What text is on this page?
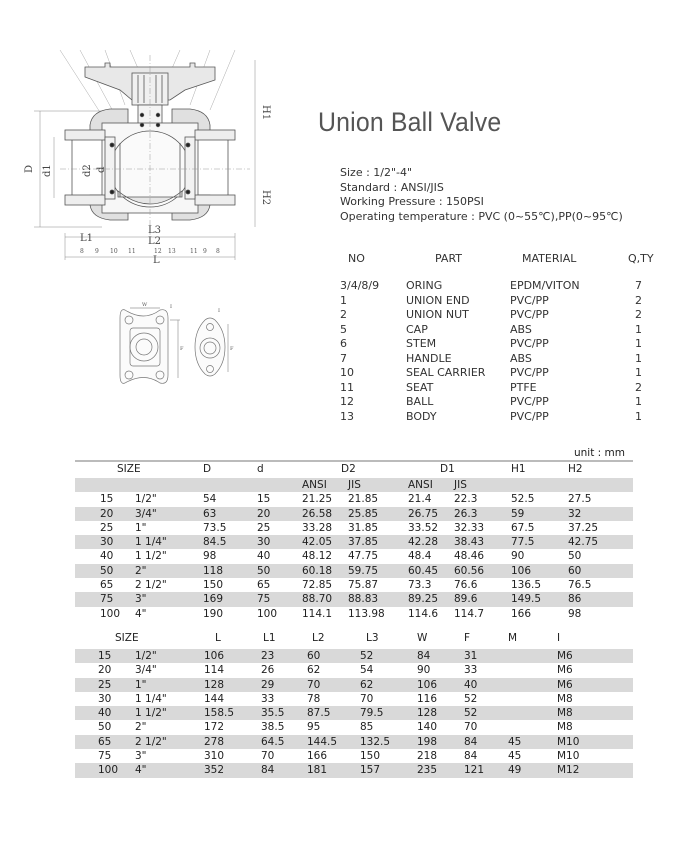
D d1	d2 d
H1
H2
L1
L3
L2
L
8 9 10 11	12 13 11 9 8
W	I
F
I
F
Union Ball Valve
Size : 1/2"-4"
Standard : ANSI/JIS
Working Pressure : 150PSI
Operating temperature : PVC (0~55℃),PP(0~95℃)
NO	PART	MATERIAL	Q,TY
3/4/8/9 ORING	EPDM/VITON	7
1	UNION END	PVC/PP	2
2	UNION NUT	PVC/PP	2
5	CAP	ABS	1
6	STEM	PVC/PP	1
7	HANDLE	ABS	1
10	SEAL CARRIER PVC/PP	1
11	SEAT	PTFE	2
12	BALL	PVC/PP	1
13	BODY	PVC/PP	1
unit : mm
SIZE	D	d	D2	D1	H1	H2
ANSI JIS	ANSI JIS
15 1/2"	54	15	21.25 21.85	21.4 22.3	52.5	27.5
20 3/4"	63	20	26.58 25.85	26.75 26.3	59	32
25 1"	73.5	25	33.28 31.85	33.52 32.33	67.5	37.25
30 1 1/4"	84.5	30	42.05 37.85	42.28 38.43	77.5	42.75
40 1 1/2"	98	40	48.12 47.75	48.4 48.46	90	50
50 2"	118	50	60.18 59.75	60.45 60.56	106	60
65 2 1/2"	150	65	72.85 75.87	73.3 76.6	136.5	76.5
75 3"	169	75	88.70 88.83	89.25 89.6	149.5	86
100 4"	190	100 114.1 113.98 114.6 114.7	166	98
SIZE	L	L1	L2	L3	W	F	M	I
15 1/2"	106	23	60	52	84	31	M6
20 3/4"	114	26	62	54	90	33	M6
25 1"	128	29	70	62	106	40	M6
30 1 1/4"	144	33	78	70	116	52	M8
40 1 1/2"	158.5	35.5 87.5	79.5	128	52	M8
50 2"	172	38.5 95	85	140	70	M8
65 2 1/2"	278	64.5 144.5 132.5	198	84	45	M10
75 3"	310	70	166	150	218	84	45	M10
100 4"	352	84	181	157	235	121 49	M12
